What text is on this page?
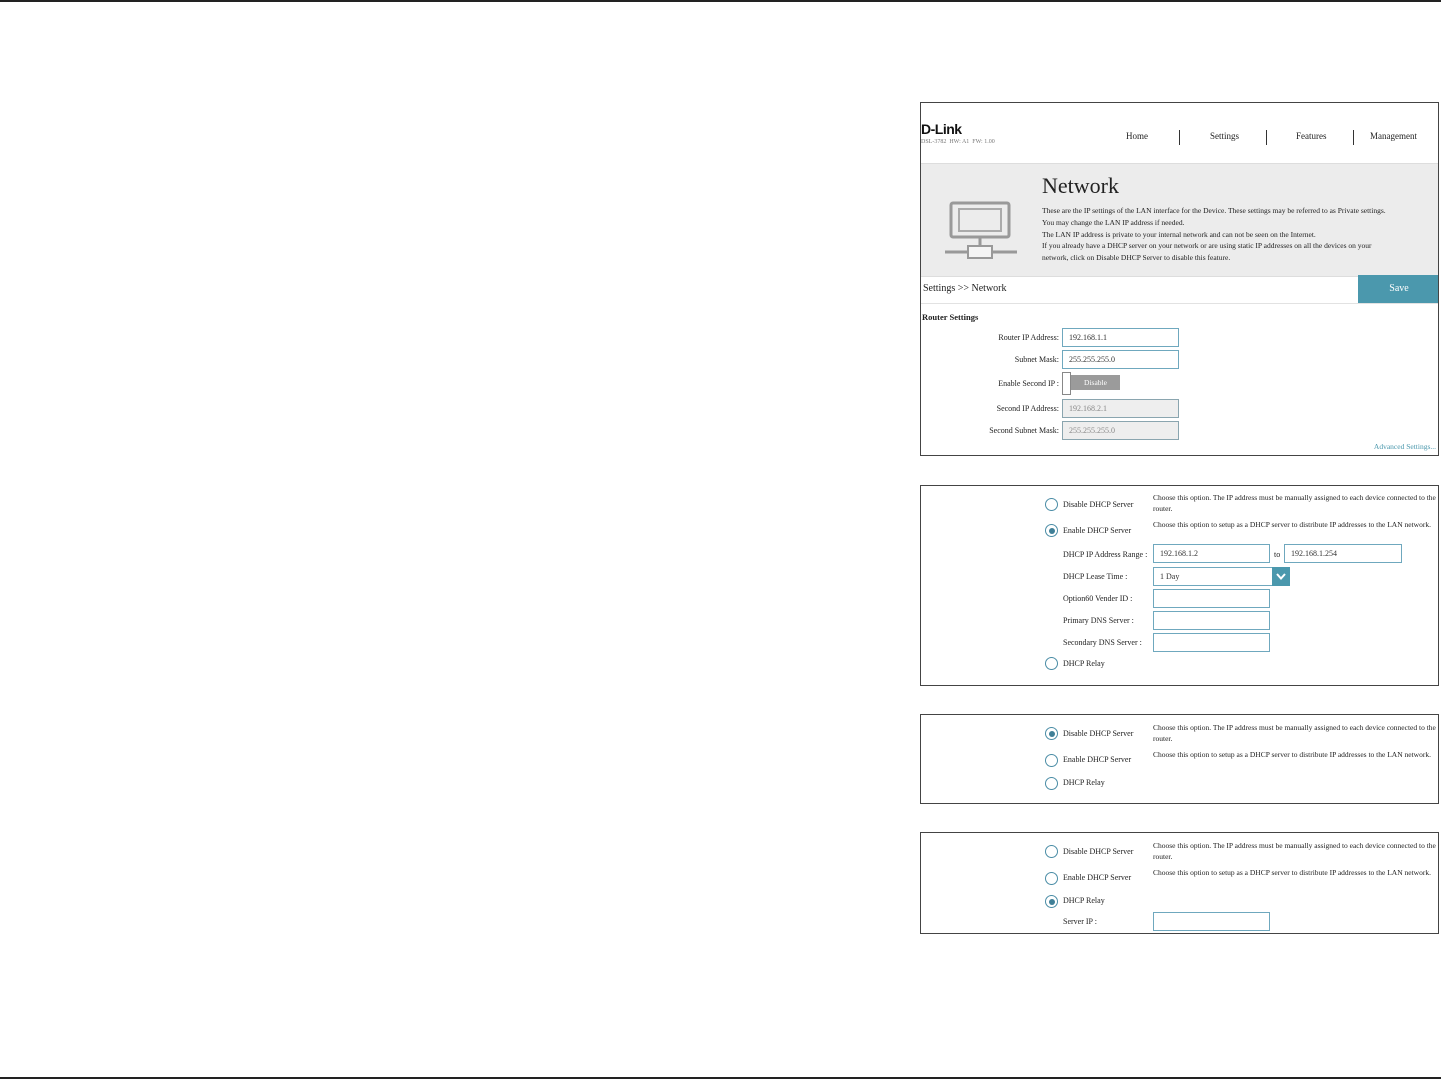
D-Link
DSL-3782  HW: A1  FW: 1.00
Home	Settings	Features	Management
Network
These are the IP settings of the LAN interface for the Device. These settings may be referred to as Private settings.
You may change the LAN IP address if needed.
The LAN IP address is private to your internal network and can not be seen on the Internet.
If you already have a DHCP server on your network or are using static IP addresses on all the devices on your
network, click on Disable DHCP Server to disable this feature.
Settings >> Network	Save
Router Settings
Router IP Address:	192.168.1.1
Subnet Mask:	255.255.255.0
Enable Second IP :	Disable
Second IP Address:	192.168.2.1
Second Subnet Mask:	255.255.255.0
Advanced Settings...
Disable DHCP Server
Choose this option. The IP address must be manually assigned to each device connected to the router.
Enable DHCP Server
Choose this option to setup as a DHCP server to distribute IP addresses to the LAN network.
DHCP IP Address Range :	192.168.1.2	to	192.168.1.254
DHCP Lease Time :	1 Day
Option60 Vender ID :
Primary DNS Server :
Secondary DNS Server :
DHCP Relay
Disable DHCP Server
Choose this option. The IP address must be manually assigned to each device connected to the router.
Enable DHCP Server
Choose this option to setup as a DHCP server to distribute IP addresses to the LAN network.
DHCP Relay
Disable DHCP Server
Choose this option. The IP address must be manually assigned to each device connected to the router.
Enable DHCP Server
Choose this option to setup as a DHCP server to distribute IP addresses to the LAN network.
DHCP Relay
Server IP :
